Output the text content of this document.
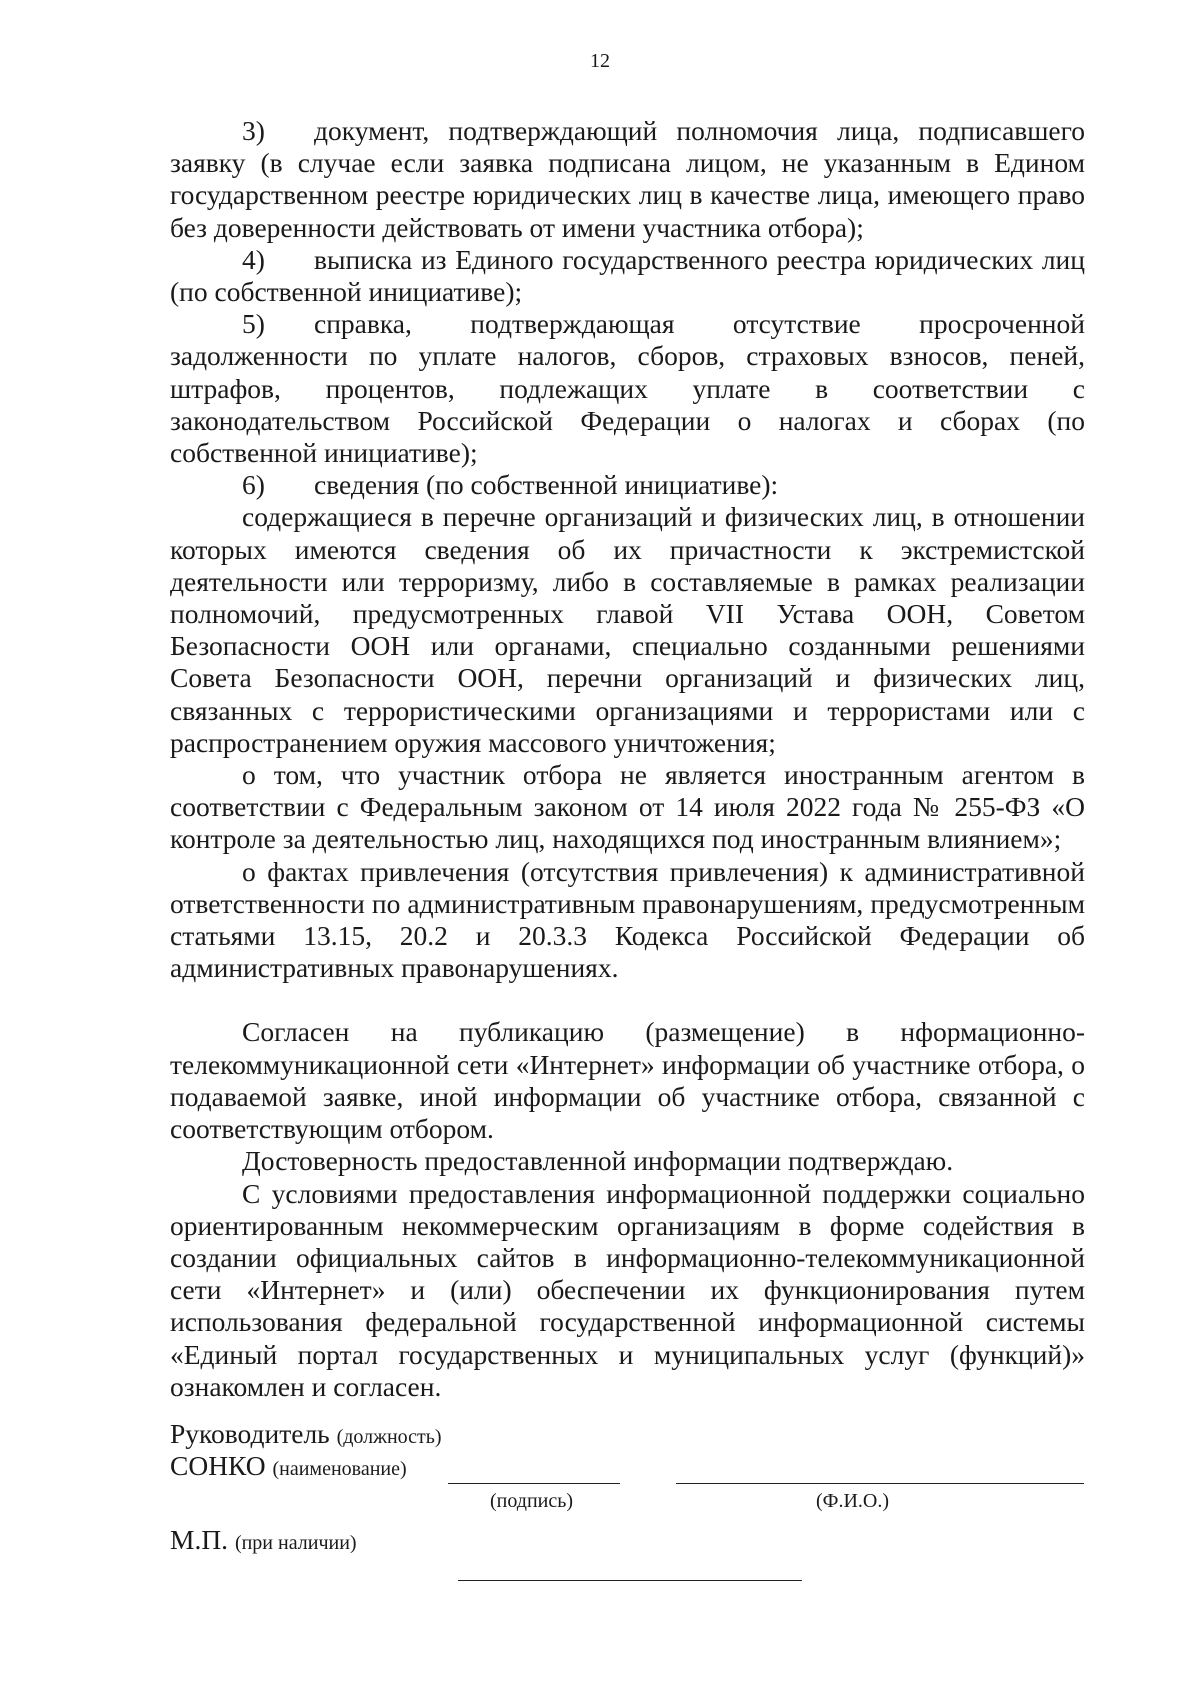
12

3) документ, подтверждающий полномочия лица, подписавшего заявку (в случае если заявка подписана лицом, не указанным в Едином государственном реестре юридических лиц в качестве лица, имеющего право без доверенности действовать от имени участника отбора);

4) выписка из Единого государственного реестра юридических лиц (по собственной инициативе);

5) справка, подтверждающая отсутствие просроченной задолженности по уплате налогов, сборов, страховых взносов, пеней, штрафов, процентов, подлежащих уплате в соответствии с законодательством Российской Федерации о налогах и сборах (по собственной инициативе);

6) сведения (по собственной инициативе):

содержащиеся в перечне организаций и физических лиц, в отношении которых имеются сведения об их причастности к экстремистской деятельности или терроризму, либо в составляемые в рамках реализации полномочий, предусмотренных главой VII Устава ООН, Советом Безопасности ООН или органами, специально созданными решениями Совета Безопасности ООН, перечни организаций и физических лиц, связанных с террористическими организациями и террористами или с распространением оружия массового уничтожения;

о том, что участник отбора не является иностранным агентом в соответствии с Федеральным законом от 14 июля 2022 года № 255-ФЗ «О контроле за деятельностью лиц, находящихся под иностранным влиянием»;

о фактах привлечения (отсутствия привлечения) к административной ответственности по административным правонарушениям, предусмотренным статьями 13.15, 20.2 и 20.3.3 Кодекса Российской Федерации об административных правонарушениях.

Согласен на публикацию (размещение) в нформационно-телекоммуникационной сети «Интернет» информации об участнике отбора, о подаваемой заявке, иной информации об участнике отбора, связанной с соответствующим отбором.

Достоверность предоставленной информации подтверждаю.

С условиями предоставления информационной поддержки социально ориентированным некоммерческим организациям в форме содействия в создании официальных сайтов в информационно-телекоммуникационной сети «Интернет» и (или) обеспечении их функционирования путем использования федеральной государственной информационной системы «Единый портал государственных и муниципальных услуг (функций)» ознакомлен и согласен.

Руководитель (должность)
СОНКО (наименование)
(подпись)	(Ф.И.О.)
М.П. (при наличии)
